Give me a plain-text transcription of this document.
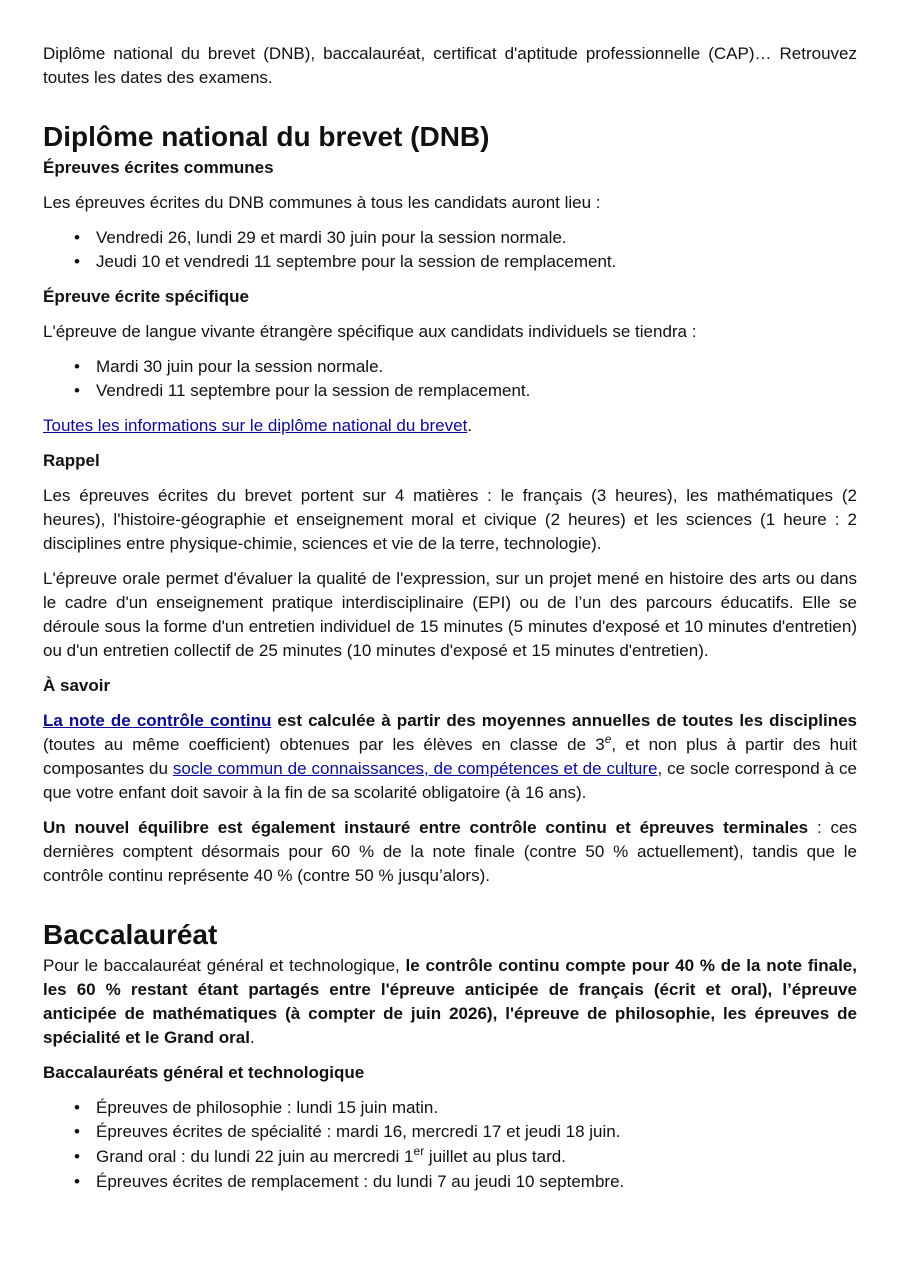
Diplôme national du brevet (DNB), baccalauréat, certificat d'aptitude professionnelle (CAP)… Retrouvez toutes les dates des examens.

Diplôme national du brevet (DNB)
Épreuves écrites communes

Les épreuves écrites du DNB communes à tous les candidats auront lieu :

• Vendredi 26, lundi 29 et mardi 30 juin pour la session normale.
• Jeudi 10 et vendredi 11 septembre pour la session de remplacement.
Épreuve écrite spécifique

L'épreuve de langue vivante étrangère spécifique aux candidats individuels se tiendra :

• Mardi 30 juin pour la session normale.
• Vendredi 11 septembre pour la session de remplacement.

Toutes les informations sur le diplôme national du brevet.

Rappel

Les épreuves écrites du brevet portent sur 4 matières : le français (3 heures), les mathématiques (2 heures), l'histoire-géographie et enseignement moral et civique (2 heures) et les sciences (1 heure : 2 disciplines entre physique-chimie, sciences et vie de la terre, technologie).

L'épreuve orale permet d'évaluer la qualité de l'expression, sur un projet mené en histoire des arts ou dans le cadre d'un enseignement pratique interdisciplinaire (EPI) ou de l’un des parcours éducatifs. Elle se déroule sous la forme d'un entretien individuel de 15 minutes (5 minutes d'exposé et 10 minutes d'entretien) ou d'un entretien collectif de 25 minutes (10 minutes d'exposé et 15 minutes d'entretien).

À savoir

La note de contrôle continu est calculée à partir des moyennes annuelles de toutes les disciplines (toutes au même coefficient) obtenues par les élèves en classe de 3e, et non plus à partir des huit composantes du socle commun de connaissances, de compétences et de culture, ce socle correspond à ce que votre enfant doit savoir à la fin de sa scolarité obligatoire (à 16 ans).

Un nouvel équilibre est également instauré entre contrôle continu et épreuves terminales : ces dernières comptent désormais pour 60 % de la note finale (contre 50 % actuellement), tandis que le contrôle continu représente 40 % (contre 50 % jusqu’alors).

Baccalauréat

Pour le baccalauréat général et technologique, le contrôle continu compte pour 40 % de la note finale, les 60 % restant étant partagés entre l'épreuve anticipée de français (écrit et oral), l’épreuve anticipée de mathématiques (à compter de juin 2026), l'épreuve de philosophie, les épreuves de spécialité et le Grand oral.

Baccalauréats général et technologique
• Épreuves de philosophie : lundi 15 juin matin.
• Épreuves écrites de spécialité : mardi 16, mercredi 17 et jeudi 18 juin.
• Grand oral : du lundi 22 juin au mercredi 1er juillet au plus tard.
• Épreuves écrites de remplacement : du lundi 7 au jeudi 10 septembre.
